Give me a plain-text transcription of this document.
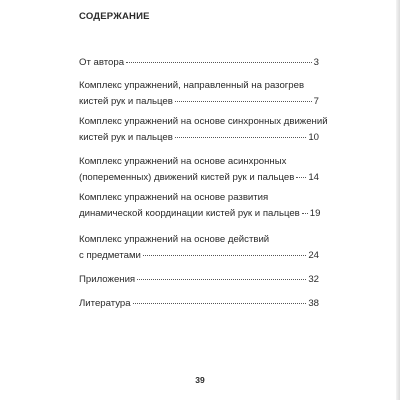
СОДЕРЖАНИЕ
От автора	3
Комплекс упражнений, направленный на разогрев
кистей рук и пальцев	7
Комплекс упражнений на основе синхронных движений
кистей рук и пальцев	10
Комплекс упражнений на основе асинхронных
(попеременных) движений кистей рук и пальцев 14
Комплекс упражнений на основе развития
динамической координации кистей рук и пальцев 19
Комплекс упражнений на основе действий
с предметами	24
Приложения	32
Литература	38
39
